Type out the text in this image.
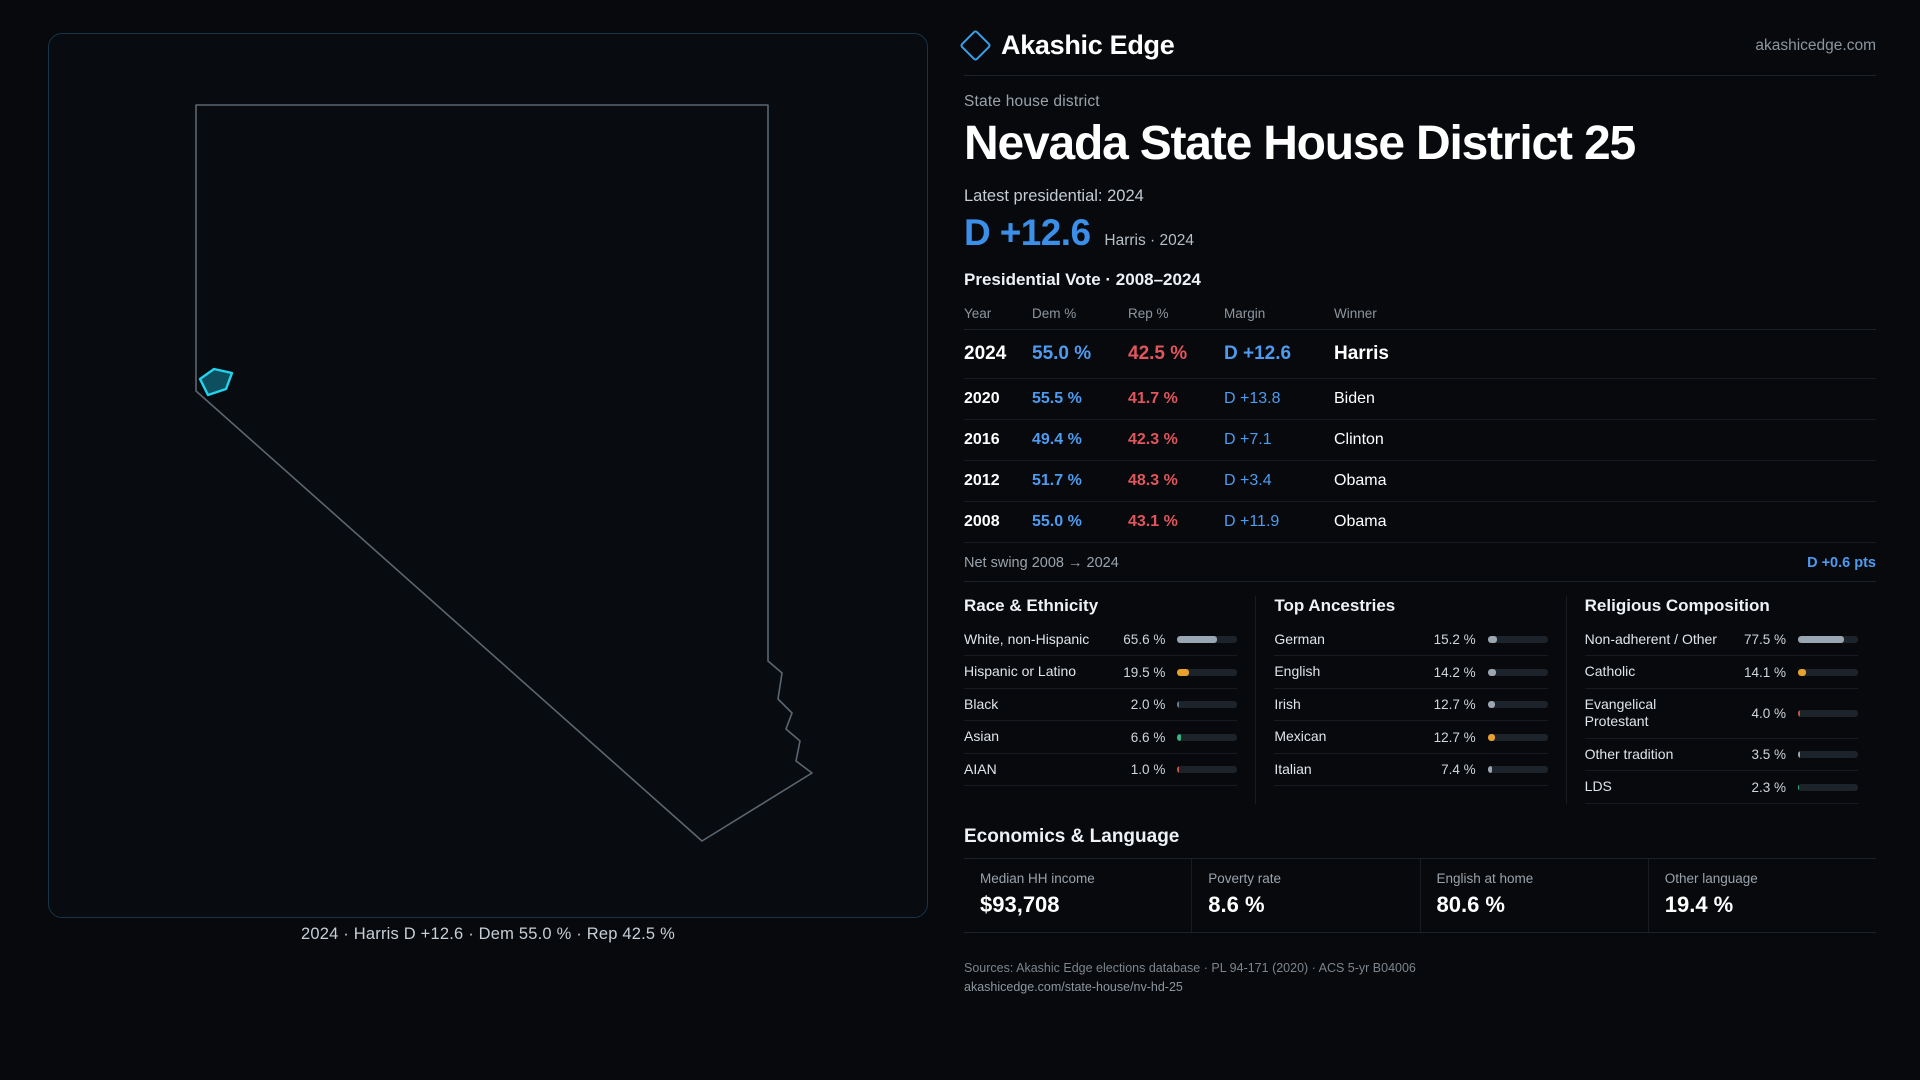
2024 · Harris D +12.6 · Dem 55.0 % · Rep 42.5 %
Akashic Edge	akashicedge.com
State house district
Nevada State House District 25
Latest presidential: 2024
D +12.6 Harris · 2024
Presidential Vote · 2008–2024
Year	Dem %	Rep %	Margin	Winner
2024	55.0 %	42.5 %	D +12.6	Harris
2020	55.5 %	41.7 %	D +13.8	Biden
2016	49.4 %	42.3 %	D +7.1	Clinton
2012	51.7 %	48.3 %	D +3.4	Obama
2008	55.0 %	43.1 %	D +11.9	Obama
Net swing 2008 → 2024	D +0.6 pts
Race & Ethnicity
White, non-Hispanic	65.6 %
Hispanic or Latino	19.5 %
Black	2.0 %
Asian	6.6 %
AIAN	1.0 %
Top Ancestries
German	15.2 %
English	14.2 %
Irish	12.7 %
Mexican	12.7 %
Italian	7.4 %
Religious Composition
Non-adherent / Other	77.5 %
Catholic	14.1 %
Evangelical Protestant	4.0 %
Other tradition	3.5 %
LDS	2.3 %
Economics & Language
Median HH income
$93,708
Poverty rate
8.6 %
English at home
80.6 %
Other language
19.4 %
Sources: Akashic Edge elections database · PL 94-171 (2020) · ACS 5-yr B04006
akashicedge.com/state-house/nv-hd-25
